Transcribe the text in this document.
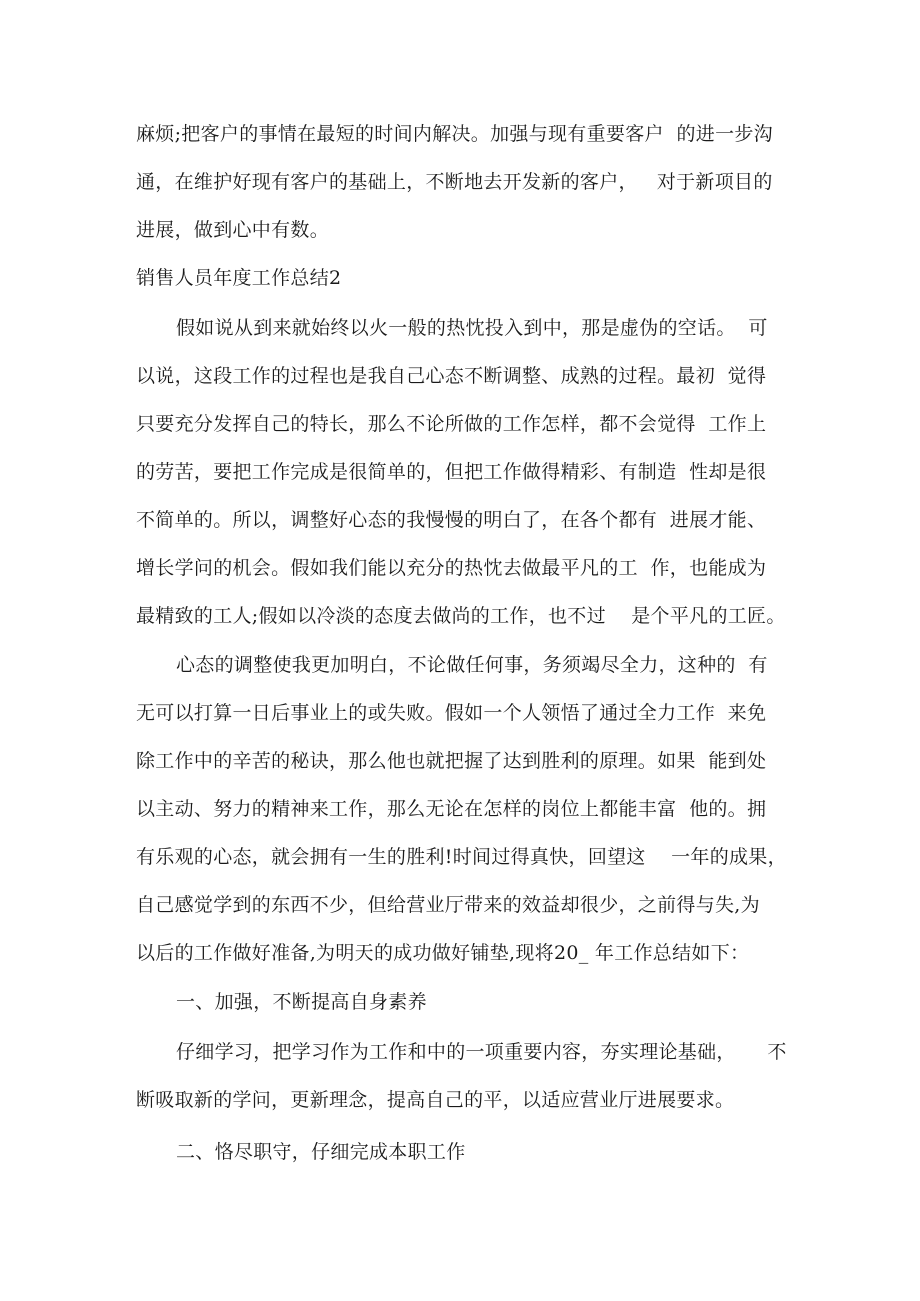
麻烦;把客户的事情在最短的时间内解决。加强与现有重要客户  的进一步沟
通，在维护好现有客户的基础上，不断地去开发新的客户，   对于新项目的
进展，做到心中有数。
销售人员年度工作总结2
假如说从到来就始终以火一般的热忱投入到中，那是虚伪的空话。  可
以说，这段工作的过程也是我自己心态不断调整、成熟的过程。最初  觉得
只要充分发挥自己的特长，那么不论所做的工作怎样，都不会觉得  工作上
的劳苦，要把工作完成是很简单的，但把工作做得精彩、有制造  性却是很
不简单的。所以，调整好心态的我慢慢的明白了，在各个都有  进展才能、
增长学问的机会。假如我们能以充分的热忱去做最平凡的工  作，也能成为
最精致的工人;假如以冷淡的态度去做尚的工作，也不过    是个平凡的工匠。
心态的调整使我更加明白，不论做任何事，务须竭尽全力，这种的  有
无可以打算一日后事业上的或失败。假如一个人领悟了通过全力工作  来免
除工作中的辛苦的秘诀，那么他也就把握了达到胜利的原理。如果  能到处
以主动、努力的精神来工作，那么无论在怎样的岗位上都能丰富  他的。拥
有乐观的心态，就会拥有一生的胜利!时间过得真快，回望这    一年的成果，
自己感觉学到的东西不少，但给营业厅带来的效益却很少，之前得与失,为
以后的工作做好准备,为明天的成功做好铺垫,现将20_ 年工作总结如下：
一、加强，不断提高自身素养
仔细学习，把学习作为工作和中的一项重要内容，夯实理论基础，     不
断吸取新的学问，更新理念，提高自己的平，以适应营业厅进展要求。
二、恪尽职守，仔细完成本职工作
